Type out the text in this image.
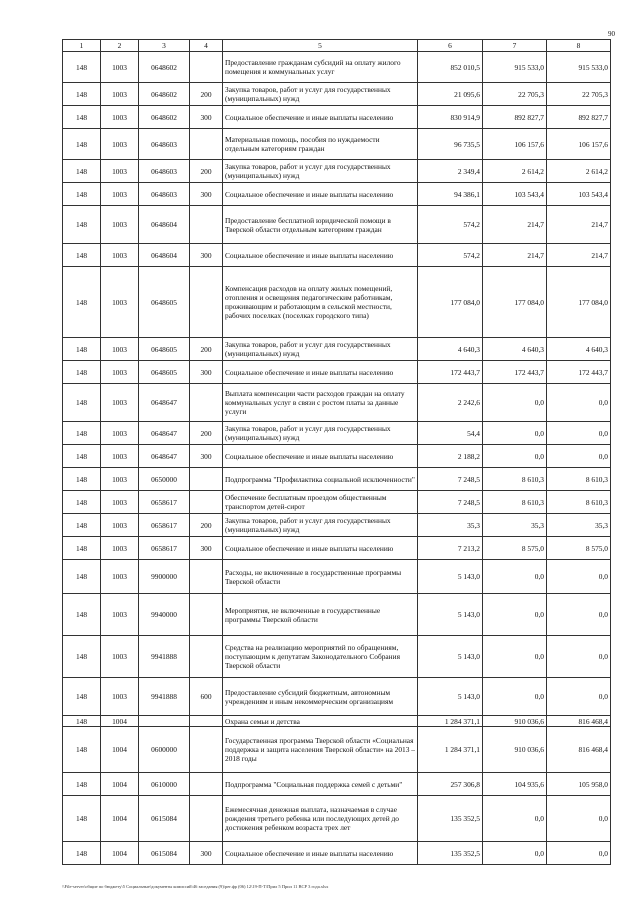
90
1	2	3	4	5	6	7	8
148	1003	0648602		Предоставление гражданам субсидий на оплату жилого помещения и коммунальных услуг	852 010,5	915 533,0	915 533,0
148	1003	0648602	200	Закупка товаров, работ и услуг для государственных (муниципальных) нужд	21 095,6	22 705,3	22 705,3
148	1003	0648602	300	Социальное обеспечение и иные выплаты населению	830 914,9	892 827,7	892 827,7
148	1003	0648603		Материальная помощь, пособия по нуждаемости отдельным категориям граждан	96 735,5	106 157,6	106 157,6
148	1003	0648603	200	Закупка товаров, работ и услуг для государственных (муниципальных) нужд	2 349,4	2 614,2	2 614,2
148	1003	0648603	300	Социальное обеспечение и иные выплаты населению	94 386,1	103 543,4	103 543,4
148	1003	0648604		Предоставление бесплатной юридической помощи в Тверской области отдельным категориям граждан	574,2	214,7	214,7
148	1003	0648604	300	Социальное обеспечение и иные выплаты населению	574,2	214,7	214,7
148	1003	0648605		Компенсация расходов на оплату жилых помещений, отопления и освещения педагогическим работникам, проживающим и работающим в сельской местности, рабочих поселках (поселках городского типа)	177 084,0	177 084,0	177 084,0
148	1003	0648605	200	Закупка товаров, работ и услуг для государственных (муниципальных) нужд	4 640,3	4 640,3	4 640,3
148	1003	0648605	300	Социальное обеспечение и иные выплаты населению	172 443,7	172 443,7	172 443,7
148	1003	0648647		Выплата компенсации части расходов граждан на оплату коммунальных услуг в связи с ростом платы за данные услуги	2 242,6	0,0	0,0
148	1003	0648647	200	Закупка товаров, работ и услуг для государственных (муниципальных) нужд	54,4	0,0	0,0
148	1003	0648647	300	Социальное обеспечение и иные выплаты населению	2 188,2	0,0	0,0
148	1003	0650000		Подпрограмма "Профилактика социальной исключенности"	7 248,5	8 610,3	8 610,3
148	1003	0658617		Обеспечение бесплатным проездом общественным транспортом детей-сирот	7 248,5	8 610,3	8 610,3
148	1003	0658617	200	Закупка товаров, работ и услуг для государственных (муниципальных) нужд	35,3	35,3	35,3
148	1003	0658617	300	Социальное обеспечение и иные выплаты населению	7 213,2	8 575,0	8 575,0
148	1003	9900000		Расходы, не включенные в государственные программы Тверской области	5 143,0	0,0	0,0
148	1003	9940000		Мероприятия, не включенные в государственные программы Тверской области	5 143,0	0,0	0,0
148	1003	9941888		Средства на реализацию мероприятий по обращениям, поступающим к депутатам Законодательного Собрания Тверской области	5 143,0	0,0	0,0
148	1003	9941888	600	Предоставление субсидий бюджетным, автономным учреждениям и иным некоммерческим организациям	5 143,0	0,0	0,0
148	1004			Охрана семьи и детства	1 284 371,1	910 036,6	816 468,4
148	1004	0600000		Государственная программа Тверской области «Социальная поддержка и защита населения Тверской области» на 2013 – 2018 годы	1 284 371,1	910 036,6	816 468,4
148	1004	0610000		Подпрограмма "Социальная поддержка семей с детьми"	257 306,8	104 935,6	105 958,0
148	1004	0615084		Ежемесячная денежная выплата, назначаемая в случае рождения третьего ребенка или последующих детей до достижения ребенком возраста трех лет	135 352,5	0,0	0,0
148	1004	0615084	300	Социальное обеспечение и иные выплаты населению	135 352,5	0,0	0,0
\\File-server\общие по бюджету\5 Социальные\документы комиссий\46 заседания (9)\рег.фр (06) 12\19-П-Т\Прил 5 Прил 11 ВСР 3 года.xlsx
